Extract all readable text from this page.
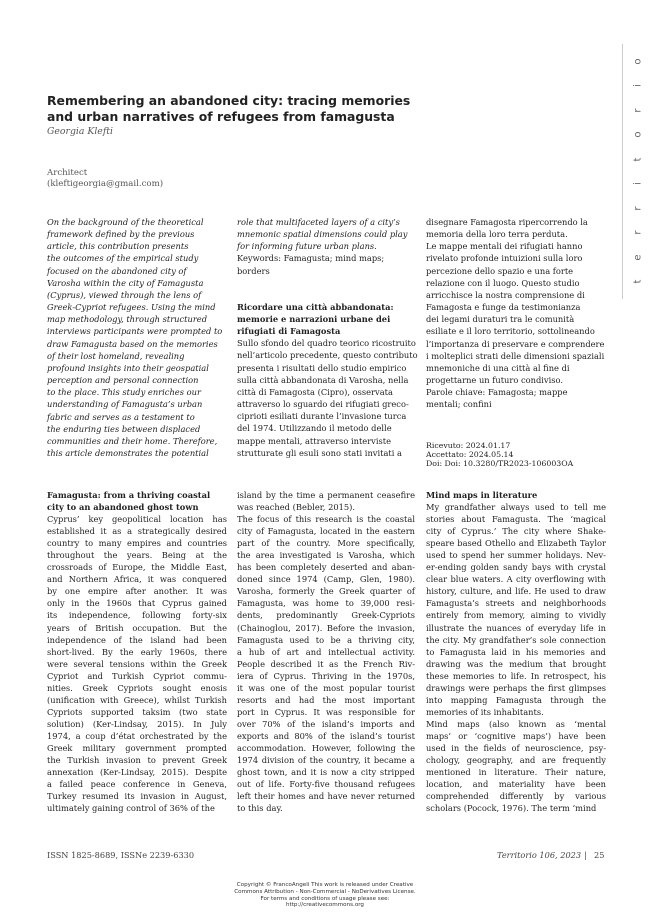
t
e
r
r
i
t
o
r
i
o
Remembering an abandoned city: tracing memories
and urban narratives of refugees from famagusta
Georgia Klefti
Architect
(kleftigeorgia@gmail.com)
On the background of the theoretical
framework defined by the previous
article, this contribution presents
the outcomes of the empirical study
focused on the abandoned city of
Varosha within the city of Famagusta
(Cyprus), viewed through the lens of
Greek-Cypriot refugees. Using the mind
map methodology, through structured
interviews participants were prompted to
draw Famagusta based on the memories
of their lost homeland, revealing
profound insights into their geospatial
perception and personal connection
to the place. This study enriches our
understanding of Famagusta’s urban
fabric and serves as a testament to
the enduring ties between displaced
communities and their home. Therefore,
this article demonstrates the potential
role that multifaceted layers of a city’s
mnemonic spatial dimensions could play
for informing future urban plans.
Keywords: Famagusta; mind maps;
borders
Ricordare una città abbandonata:
memorie e narrazioni urbane dei
rifugiati di Famagosta
Sullo sfondo del quadro teorico ricostruito
nell’articolo precedente, questo contributo
presenta i risultati dello studio empirico
sulla città abbandonata di Varosha, nella
città di Famagosta (Cipro), osservata
attraverso lo sguardo dei rifugiati greco-
ciprioti esiliati durante l’invasione turca
del 1974. Utilizzando il metodo delle
mappe mentali, attraverso interviste
strutturate gli esuli sono stati invitati a
disegnare Famagosta ripercorrendo la
memoria della loro terra perduta.
Le mappe mentali dei rifugiati hanno
rivelato profonde intuizioni sulla loro
percezione dello spazio e una forte
relazione con il luogo. Questo studio
arricchisce la nostra comprensione di
Famagosta e funge da testimonianza
dei legami duraturi tra le comunità
esiliate e il loro territorio, sottolineando
l’importanza di preservare e comprendere
i molteplici strati delle dimensioni spaziali
mnemoniche di una città al fine di
progettarne un futuro condiviso.
Parole chiave: Famagosta; mappe
mentali; confini
Ricevuto: 2024.01.17
Accettato: 2024.05.14
Doi: Doi: 10.3280/TR2023-106003OA
Famagusta: from a thriving coastal
city to an abandoned ghost town
Cyprus’ key geopolitical location has
established it as a strategically desired
country to many empires and countries
throughout the years. Being at the
crossroads of Europe, the Middle East,
and Northern Africa, it was conquered
by one empire after another. It was
only in the 1960s that Cyprus gained
its independence, following forty-six
years of British occupation. But the
independence of the island had been
short-lived. By the early 1960s, there
were several tensions within the Greek
Cypriot and Turkish Cypriot commu-
nities. Greek Cypriots sought enosis
(unification with Greece), whilst Turkish
Cypriots supported taksim (two state
solution) (Ker-Lindsay, 2015). In July
1974, a coup d’état orchestrated by the
Greek military government prompted
the Turkish invasion to prevent Greek
annexation (Ker-Lindsay, 2015). Despite
a failed peace conference in Geneva,
Turkey resumed its invasion in August,
ultimately gaining control of 36% of the
island by the time a permanent ceasefire
was reached (Bebler, 2015).
The focus of this research is the coastal
city of Famagusta, located in the eastern
part of the country. More specifically,
the area investigated is Varosha, which
has been completely deserted and aban-
doned since 1974 (Camp, Glen, 1980).
Varosha, formerly the Greek quarter of
Famagusta, was home to 39,000 resi-
dents, predominantly Greek-Cypriots
(Chainoglou, 2017). Before the invasion,
Famagusta used to be a thriving city,
a hub of art and intellectual activity.
People described it as the French Riv-
iera of Cyprus. Thriving in the 1970s,
it was one of the most popular tourist
resorts and had the most important
port in Cyprus. It was responsible for
over 70% of the island’s imports and
exports and 80% of the island’s tourist
accommodation. However, following the
1974 division of the country, it became a
ghost town, and it is now a city stripped
out of life. Forty-five thousand refugees
left their homes and have never returned
to this day.
Mind maps in literature
My grandfather always used to tell me
stories about Famagusta. The ‘magical
city of Cyprus.’ The city where Shake-
speare based Othello and Elizabeth Taylor
used to spend her summer holidays. Nev-
er-ending golden sandy bays with crystal
clear blue waters. A city overflowing with
history, culture, and life. He used to draw
Famagusta’s streets and neighborhoods
entirely from memory, aiming to vividly
illustrate the nuances of everyday life in
the city. My grandfather’s sole connection
to Famagusta laid in his memories and
drawing was the medium that brought
these memories to life. In retrospect, his
drawings were perhaps the first glimpses
into mapping Famagusta through the
memories of its inhabitants.
Mind maps (also known as ‘mental
maps’ or ‘cognitive maps’) have been
used in the fields of neuroscience, psy-
chology, geography, and are frequently
mentioned in literature. Their nature,
location, and materiality have been
comprehended differently by various
scholars (Pocock, 1976). The term ‘mind
ISSN 1825-8689, ISSNe 2239-6330	Territorio 106, 2023 | 25
Copyright © FrancoAngeli This work is released under Creative
Commons Attribution - Non-Commercial - NoDerivatives License.
For terms and conditions of usage please see:
http://creativecommons.org
